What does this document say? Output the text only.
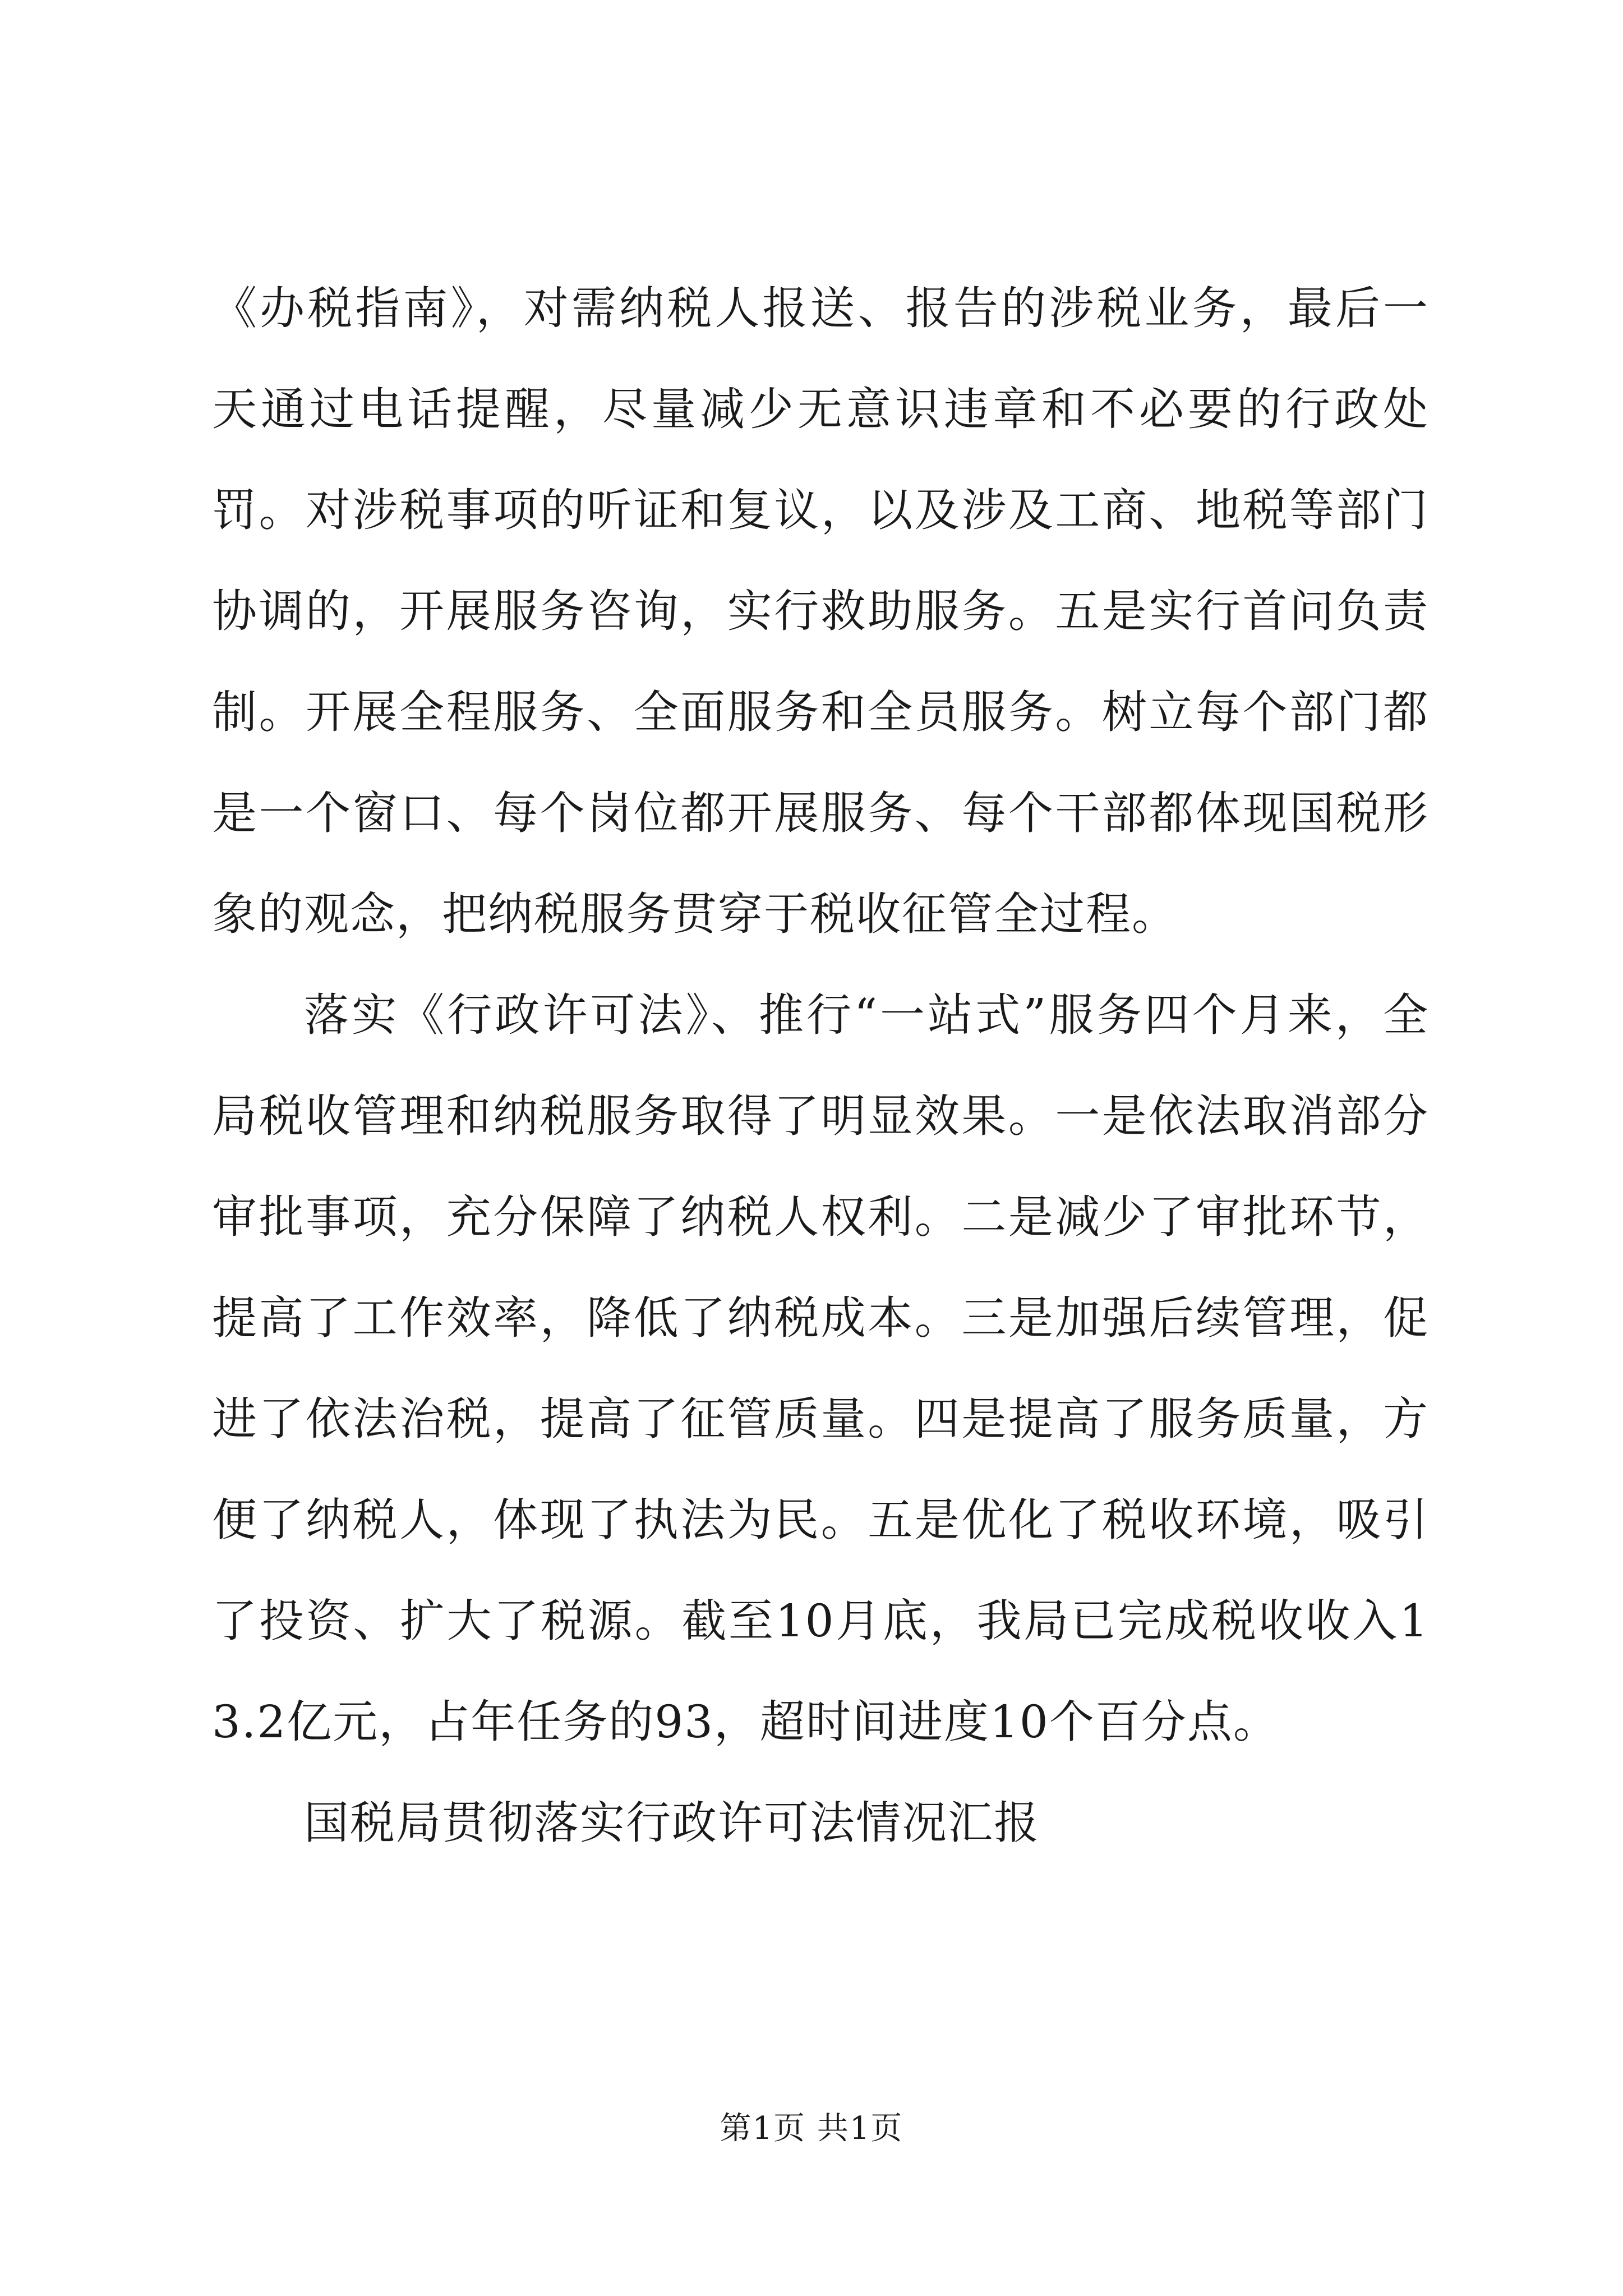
《办税指南》，对需纳税人报送、报告的涉税业务，最后一天通过电话提醒，尽量减少无意识违章和不必要的行政处罚。对涉税事项的听证和复议，以及涉及工商、地税等部门协调的，开展服务咨询，实行救助服务。五是实行首问负责制。开展全程服务、全面服务和全员服务。树立每个部门都是一个窗口、每个岗位都开展服务、每个干部都体现国税形象的观念，把纳税服务贯穿于税收征管全过程。

落实《行政许可法》、推行“一站式”服务四个月来，全局税收管理和纳税服务取得了明显效果。一是依法取消部分审批事项，充分保障了纳税人权利。二是减少了审批环节，提高了工作效率，降低了纳税成本。三是加强后续管理，促进了依法治税，提高了征管质量。四是提高了服务质量，方便了纳税人，体现了执法为民。五是优化了税收环境，吸引了投资、扩大了税源。截至10月底，我局已完成税收收入13.2亿元，占年任务的93，超时间进度10个百分点。

国税局贯彻落实行政许可法情况汇报

第1页 共1页
